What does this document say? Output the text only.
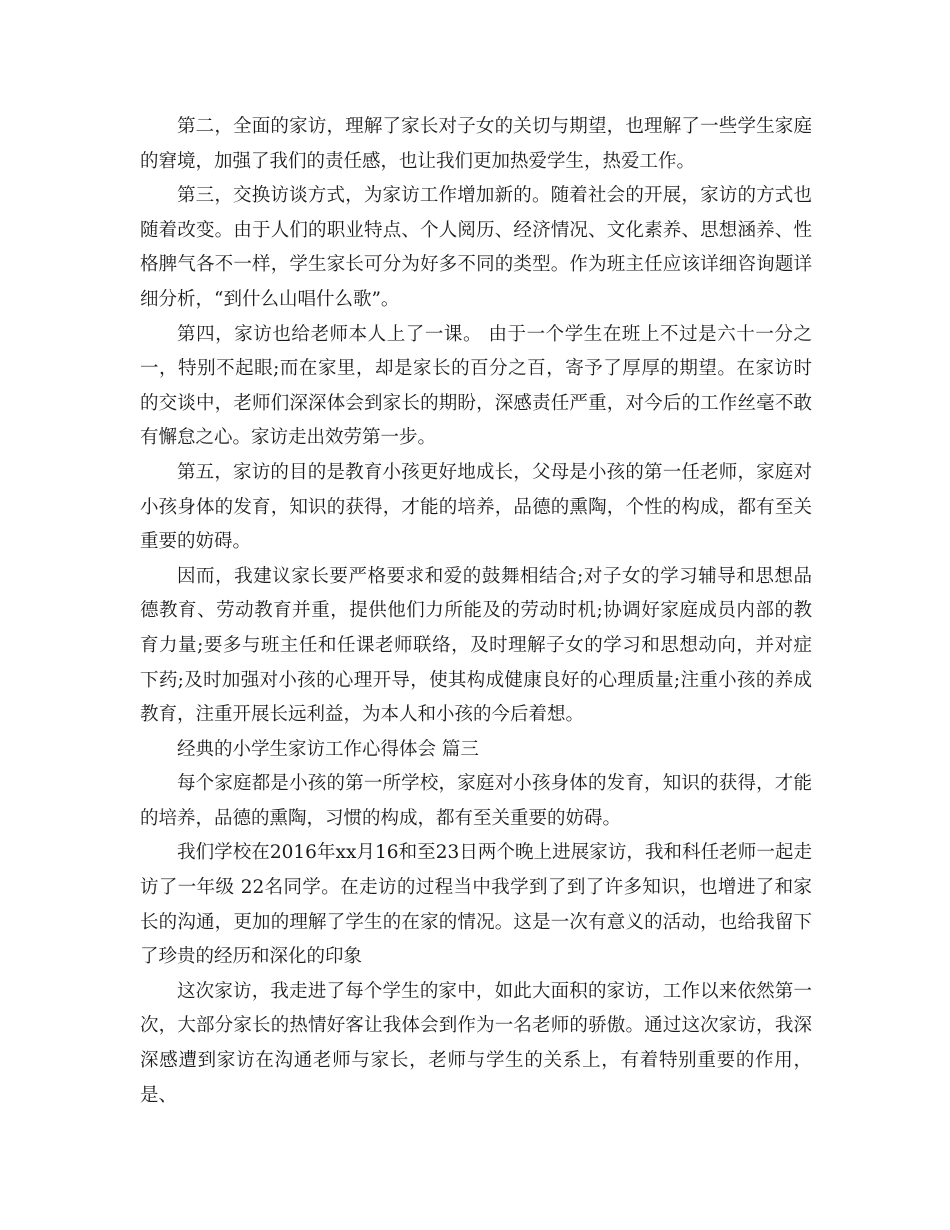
第二，全面的家访，理解了家长对子女的关切与期望，也理解了一些学生家庭的窘境，加强了我们的责任感，也让我们更加热爱学生，热爱工作。

第三，交换访谈方式，为家访工作增加新的。随着社会的开展，家访的方式也随着改变。由于人们的职业特点、个人阅历、经济情况、文化素养、思想涵养、性格脾气各不一样，学生家长可分为好多不同的类型。作为班主任应该详细咨询题详细分析，“到什么山唱什么歌”。

第四，家访也给老师本人上了一课。 由于一个学生在班上不过是六十一分之一，特别不起眼;而在家里，却是家长的百分之百，寄予了厚厚的期望。在家访时的交谈中，老师们深深体会到家长的期盼，深感责任严重，对今后的工作丝毫不敢有懈怠之心。家访走出效劳第一步。

第五，家访的目的是教育小孩更好地成长，父母是小孩的第一任老师，家庭对小孩身体的发育，知识的获得，才能的培养，品德的熏陶，个性的构成，都有至关重要的妨碍。

因而，我建议家长要严格要求和爱的鼓舞相结合;对子女的学习辅导和思想品德教育、劳动教育并重，提供他们力所能及的劳动时机;协调好家庭成员内部的教育力量;要多与班主任和任课老师联络，及时理解子女的学习和思想动向，并对症下药;及时加强对小孩的心理开导，使其构成健康良好的心理质量;注重小孩的养成教育，注重开展长远利益，为本人和小孩的今后着想。

经典的小学生家访工作心得体会 篇三

每个家庭都是小孩的第一所学校，家庭对小孩身体的发育，知识的获得，才能的培养，品德的熏陶，习惯的构成，都有至关重要的妨碍。

我们学校在2016年xx月16和至23日两个晚上进展家访，我和科任老师一起走访了一年级 22名同学。在走访的过程当中我学到了到了许多知识，也增进了和家长的沟通，更加的理解了学生的在家的情况。这是一次有意义的活动，也给我留下了珍贵的经历和深化的印象

这次家访，我走进了每个学生的家中，如此大面积的家访，工作以来依然第一次，大部分家长的热情好客让我体会到作为一名老师的骄傲。通过这次家访，我深深感遭到家访在沟通老师与家长，老师与学生的关系上，有着特别重要的作用，是、
